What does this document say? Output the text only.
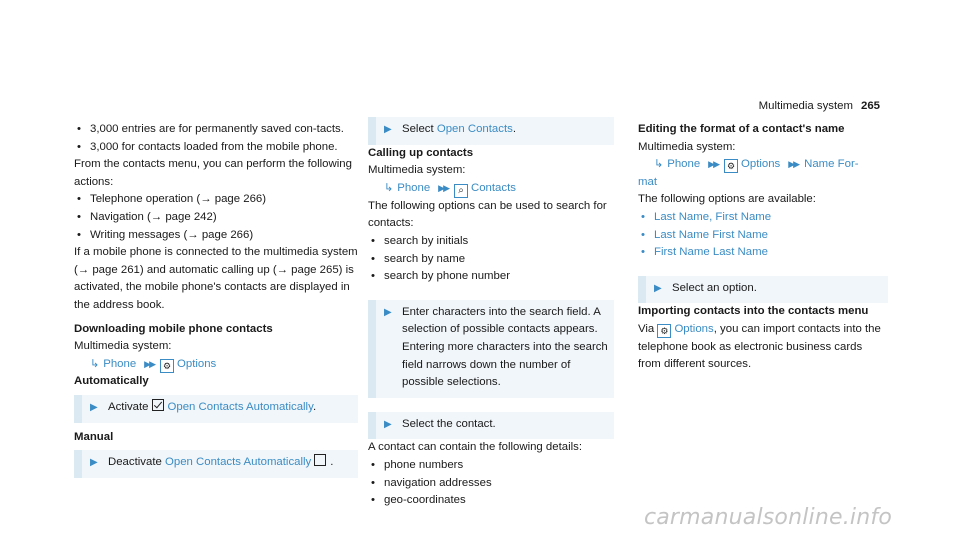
Multimedia system 265
• 3,000 entries are for permanently saved con-tacts.
• 3,000 for contacts loaded from the mobile phone.

From the contacts menu, you can perform the following actions:

• Telephone operation (→ page 266)
• Navigation (→ page 242)
• Writing messages (→ page 266)

If a mobile phone is connected to the multimedia system (→ page 261) and automatic calling up (→ page 265) is activated, the mobile phone's contacts are displayed in the address book.

Downloading mobile phone contacts

Multimedia system:

↳ Phone ▶▶ ⚙ Options

Automatically

▶ Activate Open Contacts Automatically.

Manual

▶ Deactivate Open Contacts Automatically .
▶ Select Open Contacts.

Calling up contacts

Multimedia system:

↳ Phone ▶▶ ⌕ Contacts

The following options can be used to search for contacts:

• search by initials
• search by name
• search by phone number
▶ Enter characters into the search field. A selection of possible contacts appears. Entering more characters into the search field narrows down the number of possible selections.
▶ Select the contact.

A contact can contain the following details:

• phone numbers
• navigation addresses
• geo-coordinates

Editing the format of a contact's name

Multimedia system:

↳ Phone ▶▶ ⚙ Options ▶▶ Name For-

mat

The following options are available:

• Last Name, First Name
• Last Name First Name
• First Name Last Name
▶ Select an option.

Importing contacts into the contacts menu

Via ⚙ Options, you can import contacts into the telephone book as electronic business cards from different sources.

carmanualsonline.info
